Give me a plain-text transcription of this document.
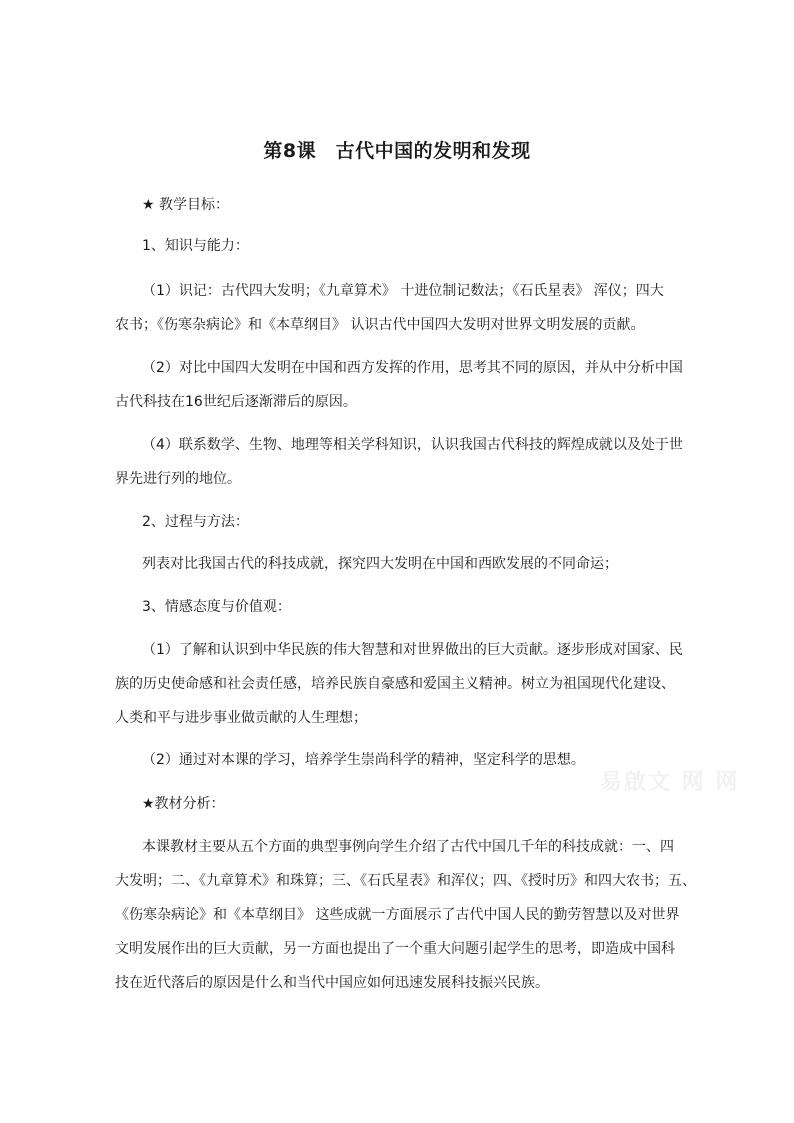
第8课　古代中国的发明和发现
★ 教学目标：
1、知识与能力：
（1）识记：古代四大发明；《九章算术》 十进位制记数法；《石氏星表》 浑仪；四大
农书；《伤寒杂病论》和《本草纲目》 认识古代中国四大发明对世界文明发展的贡献。
（2）对比中国四大发明在中国和西方发挥的作用，思考其不同的原因，并从中分析中国
古代科技在16世纪后逐渐滞后的原因。
（4）联系数学、生物、地理等相关学科知识，认识我国古代科技的辉煌成就以及处于世
界先进行列的地位。
2、过程与方法：
列表对比我国古代的科技成就，探究四大发明在中国和西欧发展的不同命运；
3、情感态度与价值观：
（1）了解和认识到中华民族的伟大智慧和对世界做出的巨大贡献。逐步形成对国家、民
族的历史使命感和社会责任感，培养民族自豪感和爱国主义精神。树立为祖国现代化建设、
人类和平与进步事业做贡献的人生理想；
（2）通过对本课的学习，培养学生崇尚科学的精神，坚定科学的思想。
易啟文 网 网
★教材分析：
本课教材主要从五个方面的典型事例向学生介绍了古代中国几千年的科技成就：一、四
大发明；二、《九章算术》和珠算；三、《石氏星表》和浑仪；四、《授时历》和四大农书；五、
《伤寒杂病论》和《本草纲目》 这些成就一方面展示了古代中国人民的勤劳智慧以及对世界
文明发展作出的巨大贡献，另一方面也提出了一个重大问题引起学生的思考，即造成中国科
技在近代落后的原因是什么和当代中国应如何迅速发展科技振兴民族。
